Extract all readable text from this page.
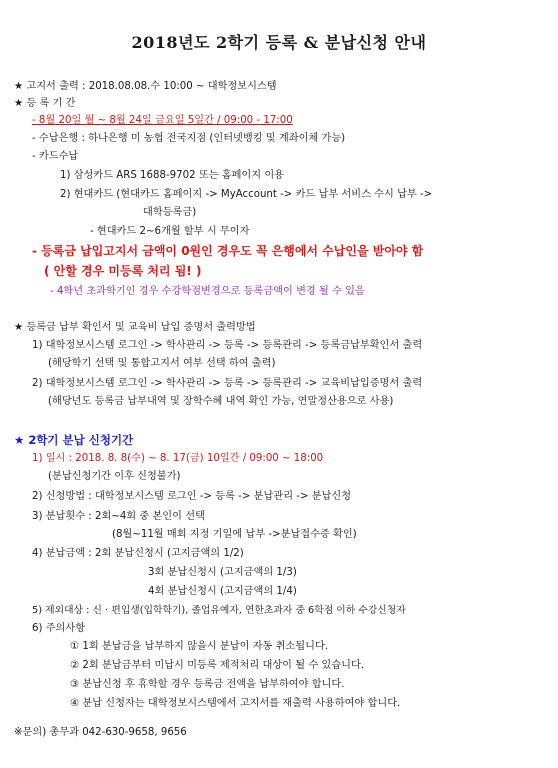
2018년도 2학기 등록 & 분납신청 안내
★ 고지서 출력 : 2018.08.08.수 10:00 ~ 대학정보시스템
★ 등 록 기 간
- 8월 20일 월 ~ 8월 24일 금요일 5일간 / 09:00 - 17:00
- 수납은행 : 하나은행 미 농협 전국지점 (인터넷뱅킹 및 계좌이체 가능)
- 카드수납
1) 삼성카드 ARS 1688-9702 또는 홈페이지 이용
2) 현대카드 (현대카드 홈페이지 -> MyAccount -> 카드 납부 서비스 수시 납부 ->
대학등록금)
- 현대카드 2~6개월 할부 시 무이자
- 등록금 납입고지서 금액이 0원인 경우도 꼭 은행에서 수납인을 받아야 함
( 안할 경우 미등록 처리 됨! )
- 4학년 초과학기인 경우 수강학점변경으로 등록금액이 변경 될 수 있음
★ 등록금 납부 확인서 및 교육비 납입 증명서 출력방법
1) 대학정보시스템 로그인 -> 학사관리 -> 등록 -> 등록관리 -> 등록금납부확인서 출력
(해당학기 선택 및 통합고지서 여부 선택 하여 출력)
2) 대학정보시스템 로그인 -> 학사관리 -> 등록 -> 등록관리 -> 교육비납입증명서 출력
(해당년도 등록금 납부내역 및 장학수혜 내역 확인 가능, 연말정산용으로 사용)
★ 2학기 분납 신청기간
1) 일시 : 2018. 8. 8(수) ~ 8. 17(금) 10일간 / 09:00 ~ 18:00
(분납신청기간 이후 신청불가)
2) 신청방법 : 대학정보시스템 로그인 -> 등록 -> 분납관리 -> 분납신청
3) 분납횟수 : 2회~4회 중 본인이 선택
(8월~11월 매회 지정 기일에 납부 ->분납접수증 확인)
4) 분납금액 : 2회 분납신청시 (고지금액의 1/2)
3회 분납신청시 (고지금액의 1/3)
4회 분납신청시 (고지금액의 1/4)
5) 제외대상 : 신 · 편입생(입학학기), 졸업유예자, 연한초과자 중 6학점 이하 수강신청자
6) 주의사항
① 1회 분납금을 납부하지 않을시 분납이 자동 취소됩니다.
② 2회 분납금부터 미납시 미등록 제적처리 대상이 될 수 있습니다.
③ 분납신청 후 휴학할 경우 등록금 전액을 납부하여야 합니다.
④ 분납 신청자는 대학정보시스템에서 고지서를 재출력 사용하여야 합니다.
※문의) 총무과 042-630-9658, 9656
